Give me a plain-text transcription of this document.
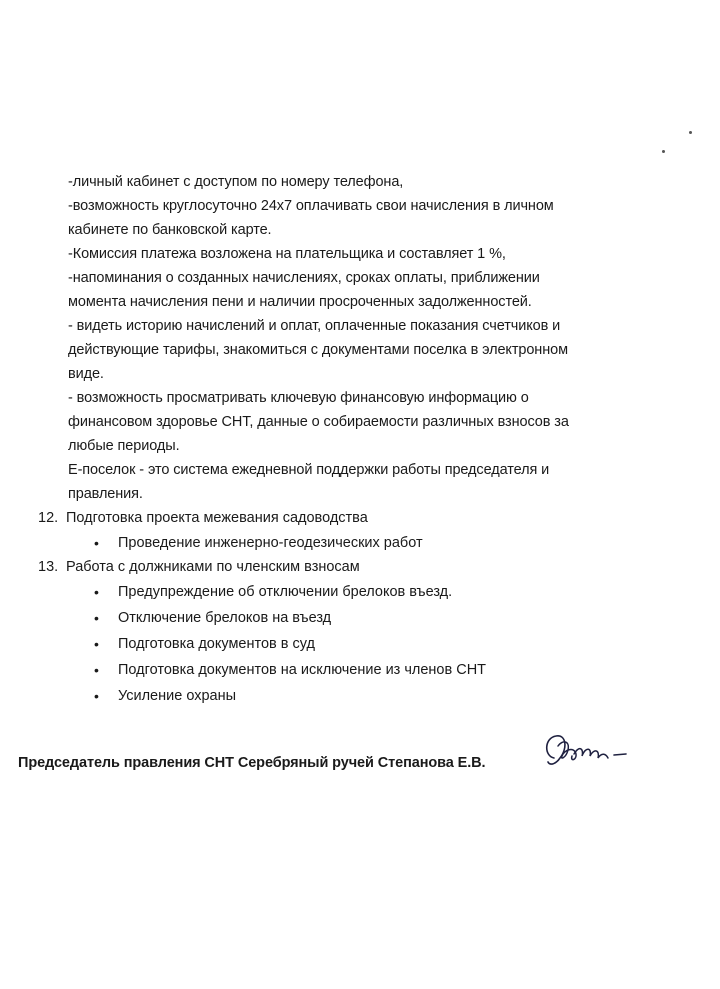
-личный кабинет с доступом по номеру телефона,
-возможность круглосуточно 24х7 оплачивать свои начисления в личном
кабинете по банковской карте.
-Комиссия платежа возложена на плательщика и составляет 1 %,
-напоминания о созданных начислениях, сроках оплаты, приближении
момента начисления пени и наличии просроченных задолженностей.
- видеть историю начислений и оплат, оплаченные показания счетчиков и
действующие тарифы, знакомиться с документами поселка в электронном
виде.
- возможность просматривать ключевую финансовую информацию о
финансовом здоровье СНТ, данные о собираемости различных взносов за
любые периоды.
Е-поселок - это система ежедневной поддержки работы председателя и
правления.
12. Подготовка проекта межевания садоводства
• Проведение инженерно-геодезических работ
13. Работа с должниками по членским взносам
• Предупреждение об отключении брелоков въезд.
• Отключение брелоков на въезд
• Подготовка документов в суд
• Подготовка документов на исключение из членов СНТ
• Усиление охраны
Председатель правления СНТ Серебряный ручей Степанова Е.В.
